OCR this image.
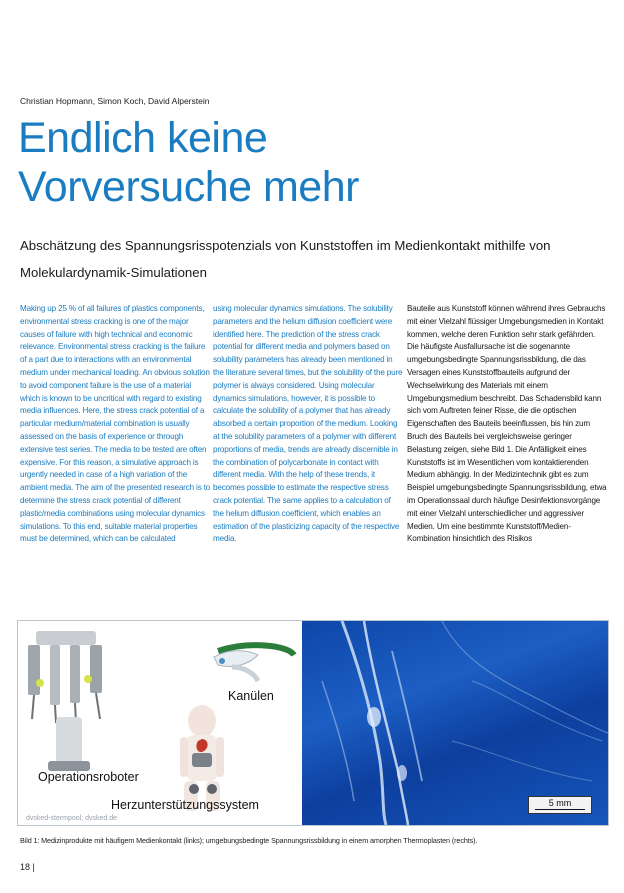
Christian Hopmann, Simon Koch, David Alperstein
Endlich keine
Vorversuche mehr
Abschätzung des Spannungsrisspotenzials von Kunststoffen im Medienkontakt mithilfe von Molekulardynamik-Simulationen

Making up 25 % of all failures of plastics components, environmental stress cracking is one of the major causes of failure with high technical and economic relevance. Environmental stress cracking is the failure of a part due to interactions with an environmental medium under mechanical loading. An obvious solution to avoid component failure is the use of a material which is known to be uncritical with regard to existing media influences. Here, the stress crack potential of a particular medium/material combination is usually assessed on the basis of experience or through extensive test series. The media to be tested are often expensive. For this reason, a simulative approach is urgently needed in case of a high variation of the ambient media. The aim of the presented research is to determine the stress crack potential of different plastic/media combinations using molecular dynamics simulations. To this end, suitable material properties must be determined, which can be calculated

using molecular dynamics simulations. The solubility parameters and the helium diffusion coefficient were identified here. The prediction of the stress crack potential for different media and polymers based on solubility parameters has already been mentioned in the literature several times, but the solubility of the pure polymer is always considered. Using molecular dynamics simulations, however, it is possible to calculate the solubility of a polymer that has already absorbed a certain proportion of the medium. Looking at the solubility parameters of a polymer with different proportions of media, trends are already discernible in the combination of polycarbonate in contact with different media. With the help of these trends, it becomes possible to estimate the respective stress crack potential. The same applies to a calculation of the helium diffusion coefficient, which enables an estimation of the plasticizing capacity of the respective media.

Bauteile aus Kunststoff können während ihres Gebrauchs mit einer Vielzahl flüssiger Umgebungsmedien in Kontakt kommen, welche deren Funktion sehr stark gefährden. Die häufigste Ausfallursache ist die sogenannte umgebungsbedingte Spannungsrissbildung, die das Versagen eines Kunststoffbauteils aufgrund der Wechselwirkung des Materials mit einem Umgebungsmedium beschreibt. Das Schadensbild kann sich vom Auftreten feiner Risse, die die optischen Eigenschaften des Bauteils beeinflussen, bis hin zum Bruch des Bauteils bei vergleichsweise geringer Belastung zeigen, siehe Bild 1. Die Anfälligkeit eines Kunststoffs ist im Wesentlichen vom kontaktierenden Medium abhängig. In der Medizintechnik gibt es zum Beispiel umgebungsbedingte Spannungsrissbildung, etwa im Operationssaal durch häufige Desinfektionsvorgänge mit einer Vielzahl unterschiedlicher und aggressiver Medien. Um eine bestimmte Kunststoff/Medien-Kombination hinsichtlich des Risikos

Kanülen
Operationsroboter
Herzunterstützungssystem
dvsked-stermpool; dvsked.de
5 mm
Bild 1: Medizinprodukte mit häufigem Medienkontakt (links); umgebungsbedingte Spannungsrissbildung in einem amorphen Thermoplasten (rechts).
18 |
